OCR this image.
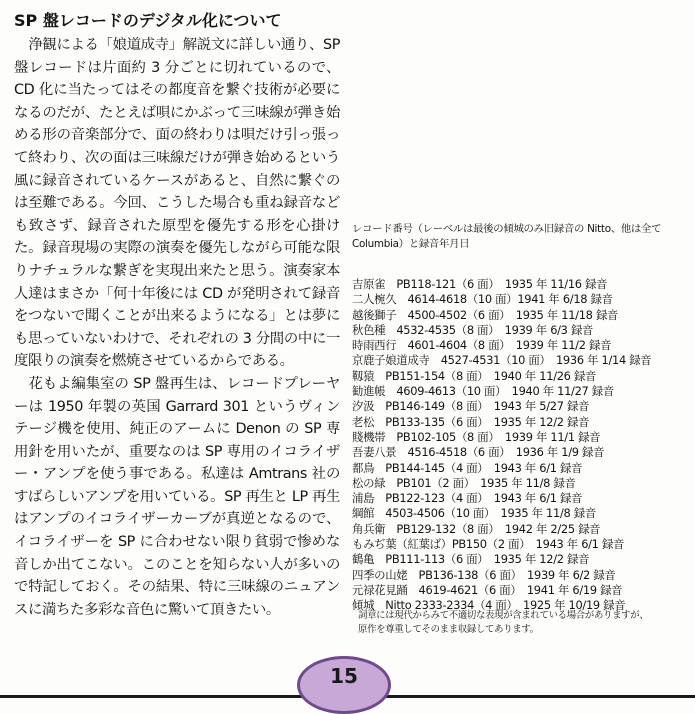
SP 盤レコードのデジタル化について

浄観による「娘道成寺」解説文に詳しい通り、SP 盤レコードは片面約 3 分ごとに切れているので、CD 化に当たってはその都度音を繋ぐ技術が必要になるのだが、たとえば唄にかぶって三味線が弾き始める形の音楽部分で、面の終わりは唄だけ引っ張って終わり、次の面は三味線だけが弾き始めるという風に録音されているケースがあると、自然に繋ぐのは至難である。今回、こうした場合も重ね録音なども致さず、録音された原型を優先する形を心掛けた。録音現場の実際の演奏を優先しながら可能な限りナチュラルな繋ぎを実現出来たと思う。演奏家本人達はまさか「何十年後には CD が発明されて録音をつないで聞くことが出来るようになる」とは夢にも思っていないわけで、それぞれの 3 分間の中に一度限りの演奏を燃焼させているからである。

花もよ編集室の SP 盤再生は、レコードプレーヤーは 1950 年製の英国 Garrard 301 というヴィンテージ機を使用、純正のアームに Denon の SP 専用針を用いたが、重要なのは SP 専用のイコライザー・アンプを使う事である。私達は Amtrans 社のすばらしいアンプを用いている。SP 再生と LP 再生はアンプのイコライザーカーブが真逆となるので、イコライザーを SP に合わせない限り貧弱で惨めな音しか出てこない。このことを知らない人が多いので特記しておく。その結果、特に三味線のニュアンスに満ちた多彩な音色に驚いて頂きたい。

レコード番号（レーベルは最後の傾城のみ旧録音の Nitto、他は全て Columbia）と録音年月日

吉原雀　PB118-121（6 面）　1935 年 11/16 録音
二人椀久　4614-4618（10 面）1941 年 6/18 録音
越後獅子　4500-4502（6 面）　1935 年 11/18 録音
秋色種　4532-4535（8 面）　1939 年 6/3 録音
時雨西行　4601-4604（8 面）　1939 年 11/2 録音
京鹿子娘道成寺　4527-4531（10 面）　1936 年 1/14 録音
靱猿　PB151-154（8 面）　1940 年 11/26 録音
勧進帳　4609-4613（10 面）　1940 年 11/27 録音
汐汲　PB146-149（8 面）　1943 年 5/27 録音
老松　PB133-135（6 面）　1935 年 12/2 録音
賤機帯　PB102-105（8 面）　1939 年 11/1 録音
吾妻八景　4516-4518（6 面）　1936 年 1/9 録音
都鳥　PB144-145（4 面）　1943 年 6/1 録音
松の緑　PB101（2 面）　1935 年 11/8 録音
浦島　PB122-123（4 面）　1943 年 6/1 録音
綱館　4503-4506（10 面）　1935 年 11/8 録音
角兵衛　PB129-132（8 面）　1942 年 2/25 録音
もみぢ葉（紅葉ば）PB150（2 面）　1943 年 6/1 録音
鶴亀　PB111-113（6 面）　1935 年 12/2 録音
四季の山姥　PB136-138（6 面）　1939 年 6/2 録音
元禄花見踊　4619-4621（6 面）　1941 年 6/19 録音
傾城　Nitto 2333-2334（4 面）　1925 年 10/19 録音
詞章には現代からみて不適切な表現が含まれている場合がありますが、
原作を尊重してそのまま収録してあります。
15
